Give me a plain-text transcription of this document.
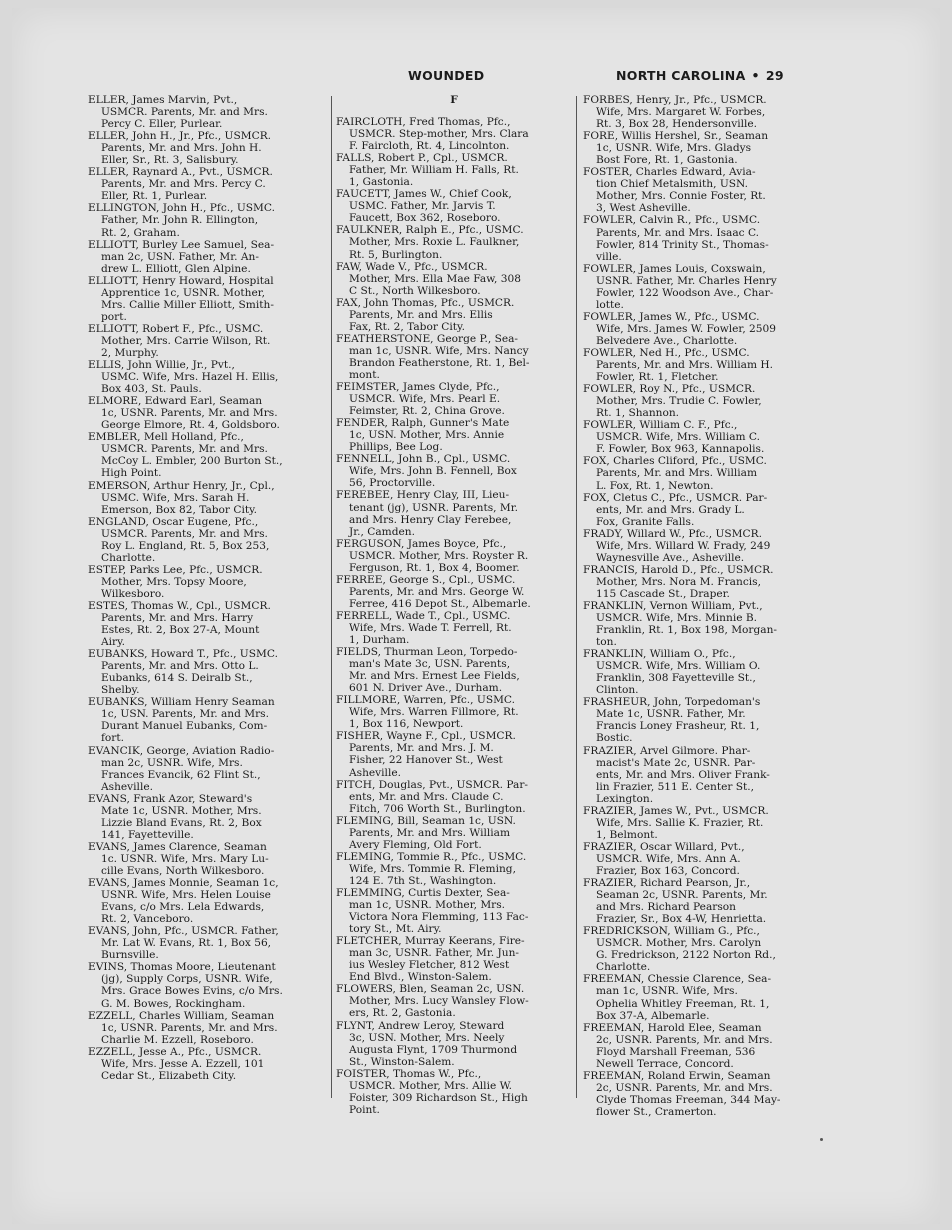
WOUNDED	NORTH CAROLINA • 29
ELLER, James Marvin, Pvt.,
USMCR. Parents, Mr. and Mrs.
Percy C. Eller, Purlear.
ELLER, John H., Jr., Pfc., USMCR.
Parents, Mr. and Mrs. John H.
Eller, Sr., Rt. 3, Salisbury.
ELLER, Raynard A., Pvt., USMCR.
Parents, Mr. and Mrs. Percy C.
Eller, Rt. 1, Purlear.
ELLINGTON, John H., Pfc., USMC.
Father, Mr. John R. Ellington,
Rt. 2, Graham.
ELLIOTT, Burley Lee Samuel, Sea-
man 2c, USN. Father, Mr. An-
drew L. Elliott, Glen Alpine.
ELLIOTT, Henry Howard, Hospital
Apprentice 1c, USNR. Mother,
Mrs. Callie Miller Elliott, Smith-
port.
ELLIOTT, Robert F., Pfc., USMC.
Mother, Mrs. Carrie Wilson, Rt.
2, Murphy.
ELLIS, John Willie, Jr., Pvt.,
USMC. Wife, Mrs. Hazel H. Ellis,
Box 403, St. Pauls.
ELMORE, Edward Earl, Seaman
1c, USNR. Parents, Mr. and Mrs.
George Elmore, Rt. 4, Goldsboro.
EMBLER, Mell Holland, Pfc.,
USMCR. Parents, Mr. and Mrs.
McCoy L. Embler, 200 Burton St.,
High Point.
EMERSON, Arthur Henry, Jr., Cpl.,
USMC. Wife, Mrs. Sarah H.
Emerson, Box 82, Tabor City.
ENGLAND, Oscar Eugene, Pfc.,
USMCR. Parents, Mr. and Mrs.
Roy L. England, Rt. 5, Box 253,
Charlotte.
ESTEP, Parks Lee, Pfc., USMCR.
Mother, Mrs. Topsy Moore,
Wilkesboro.
ESTES, Thomas W., Cpl., USMCR.
Parents, Mr. and Mrs. Harry
Estes, Rt. 2, Box 27-A, Mount
Airy.
EUBANKS, Howard T., Pfc., USMC.
Parents, Mr. and Mrs. Otto L.
Eubanks, 614 S. Deiralb St.,
Shelby.
EUBANKS, William Henry Seaman
1c, USN. Parents, Mr. and Mrs.
Durant Manuel Eubanks, Com-
fort.
EVANCIK, George, Aviation Radio-
man 2c, USNR. Wife, Mrs.
Frances Evancik, 62 Flint St.,
Asheville.
EVANS, Frank Azor, Steward's
Mate 1c, USNR. Mother, Mrs.
Lizzie Bland Evans, Rt. 2, Box
141, Fayetteville.
EVANS, James Clarence, Seaman
1c. USNR. Wife, Mrs. Mary Lu-
cille Evans, North Wilkesboro.
EVANS, James Monnie, Seaman 1c,
USNR. Wife, Mrs. Helen Louise
Evans, c/o Mrs. Lela Edwards,
Rt. 2, Vanceboro.
EVANS, John, Pfc., USMCR. Father,
Mr. Lat W. Evans, Rt. 1, Box 56,
Burnsville.
EVINS, Thomas Moore, Lieutenant
(jg), Supply Corps, USNR. Wife,
Mrs. Grace Bowes Evins, c/o Mrs.
G. M. Bowes, Rockingham.
EZZELL, Charles William, Seaman
1c, USNR. Parents, Mr. and Mrs.
Charlie M. Ezzell, Roseboro.
EZZELL, Jesse A., Pfc., USMCR.
Wife, Mrs. Jesse A. Ezzell, 101
Cedar St., Elizabeth City.
F
FAIRCLOTH, Fred Thomas, Pfc.,
USMCR. Step-mother, Mrs. Clara
F. Faircloth, Rt. 4, Lincolnton.
FALLS, Robert P., Cpl., USMCR.
Father, Mr. William H. Falls, Rt.
1, Gastonia.
FAUCETT, James W., Chief Cook,
USMC. Father, Mr. Jarvis T.
Faucett, Box 362, Roseboro.
FAULKNER, Ralph E., Pfc., USMC.
Mother, Mrs. Roxie L. Faulkner,
Rt. 5, Burlington.
FAW, Wade V., Pfc., USMCR.
Mother, Mrs. Ella Mae Faw, 308
C St., North Wilkesboro.
FAX, John Thomas, Pfc., USMCR.
Parents, Mr. and Mrs. Ellis
Fax, Rt. 2, Tabor City.
FEATHERSTONE, George P., Sea-
man 1c, USNR. Wife, Mrs. Nancy
Brandon Featherstone, Rt. 1, Bel-
mont.
FEIMSTER, James Clyde, Pfc.,
USMCR. Wife, Mrs. Pearl E.
Feimster, Rt. 2, China Grove.
FENDER, Ralph, Gunner's Mate
1c, USN. Mother, Mrs. Annie
Phillips, Bee Log.
FENNELL, John B., Cpl., USMC.
Wife, Mrs. John B. Fennell, Box
56, Proctorville.
FEREBEE, Henry Clay, III, Lieu-
tenant (jg), USNR. Parents, Mr.
and Mrs. Henry Clay Ferebee,
Jr., Camden.
FERGUSON, James Boyce, Pfc.,
USMCR. Mother, Mrs. Royster R.
Ferguson, Rt. 1, Box 4, Boomer.
FERREE, George S., Cpl., USMC.
Parents, Mr. and Mrs. George W.
Ferree, 416 Depot St., Albemarle.
FERRELL, Wade T., Cpl., USMC.
Wife, Mrs. Wade T. Ferrell, Rt.
1, Durham.
FIELDS, Thurman Leon, Torpedo-
man's Mate 3c, USN. Parents,
Mr. and Mrs. Ernest Lee Fields,
601 N. Driver Ave., Durham.
FILLMORE, Warren, Pfc., USMC.
Wife, Mrs. Warren Fillmore, Rt.
1, Box 116, Newport.
FISHER, Wayne F., Cpl., USMCR.
Parents, Mr. and Mrs. J. M.
Fisher, 22 Hanover St., West
Asheville.
FITCH, Douglas, Pvt., USMCR. Par-
ents, Mr. and Mrs. Claude C.
Fitch, 706 Worth St., Burlington.
FLEMING, Bill, Seaman 1c, USN.
Parents, Mr. and Mrs. William
Avery Fleming, Old Fort.
FLEMING, Tommie R., Pfc., USMC.
Wife, Mrs. Tommie R. Fleming,
124 E. 7th St., Washington.
FLEMMING, Curtis Dexter, Sea-
man 1c, USNR. Mother, Mrs.
Victora Nora Flemming, 113 Fac-
tory St., Mt. Airy.
FLETCHER, Murray Keerans, Fire-
man 3c, USNR. Father, Mr. Jun-
ius Wesley Fletcher, 812 West
End Blvd., Winston-Salem.
FLOWERS, Blen, Seaman 2c, USN.
Mother, Mrs. Lucy Wansley Flow-
ers, Rt. 2, Gastonia.
FLYNT, Andrew Leroy, Steward
3c, USN. Mother, Mrs. Neely
Augusta Flynt, 1709 Thurmond
St., Winston-Salem.
FOISTER, Thomas W., Pfc.,
USMCR. Mother, Mrs. Allie W.
Foister, 309 Richardson St., High
Point.
FORBES, Henry, Jr., Pfc., USMCR.
Wife, Mrs. Margaret W. Forbes,
Rt. 3, Box 28, Hendersonville.
FORE, Willis Hershel, Sr., Seaman
1c, USNR. Wife, Mrs. Gladys
Bost Fore, Rt. 1, Gastonia.
FOSTER, Charles Edward, Avia-
tion Chief Metalsmith, USN.
Mother, Mrs. Connie Foster, Rt.
3, West Asheville.
FOWLER, Calvin R., Pfc., USMC.
Parents, Mr. and Mrs. Isaac C.
Fowler, 814 Trinity St., Thomas-
ville.
FOWLER, James Louis, Coxswain,
USNR. Father, Mr. Charles Henry
Fowler, 122 Woodson Ave., Char-
lotte.
FOWLER, James W., Pfc., USMC.
Wife, Mrs. James W. Fowler, 2509
Belvedere Ave., Charlotte.
FOWLER, Ned H., Pfc., USMC.
Parents, Mr. and Mrs. William H.
Fowler, Rt. 1, Fletcher.
FOWLER, Roy N., Pfc., USMCR.
Mother, Mrs. Trudie C. Fowler,
Rt. 1, Shannon.
FOWLER, William C. F., Pfc.,
USMCR. Wife, Mrs. William C.
F. Fowler, Box 963, Kannapolis.
FOX, Charles Cliford, Pfc., USMC.
Parents, Mr. and Mrs. William
L. Fox, Rt. 1, Newton.
FOX, Cletus C., Pfc., USMCR. Par-
ents, Mr. and Mrs. Grady L.
Fox, Granite Falls.
FRADY, Willard W., Pfc., USMCR.
Wife, Mrs. Willard W. Frady, 249
Waynesville Ave., Asheville.
FRANCIS, Harold D., Pfc., USMCR.
Mother, Mrs. Nora M. Francis,
115 Cascade St., Draper.
FRANKLIN, Vernon William, Pvt.,
USMCR. Wife, Mrs. Minnie B.
Franklin, Rt. 1, Box 198, Morgan-
ton.
FRANKLIN, William O., Pfc.,
USMCR. Wife, Mrs. William O.
Franklin, 308 Fayetteville St.,
Clinton.
FRASHEUR, John, Torpedoman's
Mate 1c, USNR. Father, Mr.
Francis Loney Frasheur, Rt. 1,
Bostic.
FRAZIER, Arvel Gilmore. Phar-
macist's Mate 2c, USNR. Par-
ents, Mr. and Mrs. Oliver Frank-
lin Frazier, 511 E. Center St.,
Lexington.
FRAZIER, James W., Pvt., USMCR.
Wife, Mrs. Sallie K. Frazier, Rt.
1, Belmont.
FRAZIER, Oscar Willard, Pvt.,
USMCR. Wife, Mrs. Ann A.
Frazier, Box 163, Concord.
FRAZIER, Richard Pearson, Jr.,
Seaman 2c, USNR. Parents, Mr.
and Mrs. Richard Pearson
Frazier, Sr., Box 4-W, Henrietta.
FREDRICKSON, William G., Pfc.,
USMCR. Mother, Mrs. Carolyn
G. Fredrickson, 2122 Norton Rd.,
Charlotte.
FREEMAN, Chessie Clarence, Sea-
man 1c, USNR. Wife, Mrs.
Ophelia Whitley Freeman, Rt. 1,
Box 37-A, Albemarle.
FREEMAN, Harold Elee, Seaman
2c, USNR. Parents, Mr. and Mrs.
Floyd Marshall Freeman, 536
Newell Terrace, Concord.
FREEMAN, Roland Erwin, Seaman
2c, USNR. Parents, Mr. and Mrs.
Clyde Thomas Freeman, 344 May-
flower St., Cramerton.
